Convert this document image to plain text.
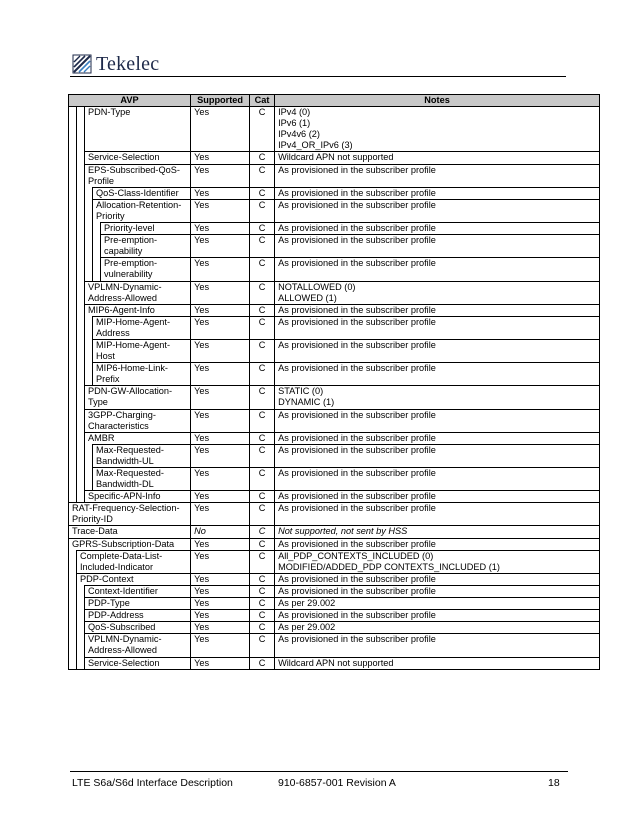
Tekelec
AVP					Supported	Cat	Notes
		PDN-Type			Yes	C	IPv4 (0)
IPv6 (1)
IPv4v6 (2)
IPv4_OR_IPv6 (3)

		Service-Selection			Yes	C	Wildcard APN not supported

		EPS-Subscribed-QoS-Profile			Yes	C	As provisioned in the subscriber profile

			QoS-Class-Identifier		Yes	C	As provisioned in the subscriber profile

			Allocation-Retention-Priority		Yes	C	As provisioned in the subscriber profile

				Priority-level	Yes	C	As provisioned in the subscriber profile

				Pre-emption-capability	Yes	C	As provisioned in the subscriber profile

				Pre-emption-vulnerability	Yes	C	As provisioned in the subscriber profile

		VPLMN-Dynamic-Address-Allowed			Yes	C	NOTALLOWED (0)
ALLOWED (1)

		MIP6-Agent-Info			Yes	C	As provisioned in the subscriber profile

			MIP-Home-Agent-Address		Yes	C	As provisioned in the subscriber profile

			MIP-Home-Agent-Host		Yes	C	As provisioned in the subscriber profile

			MIP6-Home-Link-Prefix		Yes	C	As provisioned in the subscriber profile

		PDN-GW-Allocation-Type			Yes	C	STATIC (0)
DYNAMIC (1)

		3GPP-Charging-Characteristics			Yes	C	As provisioned in the subscriber profile

		AMBR			Yes	C	As provisioned in the subscriber profile

			Max-Requested-Bandwidth-UL		Yes	C	As provisioned in the subscriber profile

			Max-Requested-Bandwidth-DL		Yes	C	As provisioned in the subscriber profile

		Specific-APN-Info			Yes	C	As provisioned in the subscriber profile

RAT-Frequency-Selection-Priority-ID					Yes	C	As provisioned in the subscriber profile

Trace-Data					No	C	Not supported, not sent by HSS

GPRS-Subscription-Data					Yes	C	As provisioned in the subscriber profile

	Complete-Data-List-Included-Indicator				Yes	C	All_PDP_CONTEXTS_INCLUDED (0)
MODIFIED/ADDED_PDP CONTEXTS_INCLUDED (1)

	PDP-Context				Yes	C	As provisioned in the subscriber profile

		Context-Identifier			Yes	C	As provisioned in the subscriber profile

		PDP-Type			Yes	C	As per 29.002

		PDP-Address			Yes	C	As provisioned in the subscriber profile

		QoS-Subscribed			Yes	C	As per 29.002

		VPLMN-Dynamic-Address-Allowed			Yes	C	As provisioned in the subscriber profile

		Service-Selection			Yes	C	Wildcard APN not supported
LTE S6a/S6d Interface Description	910-6857-001 Revision A	18
